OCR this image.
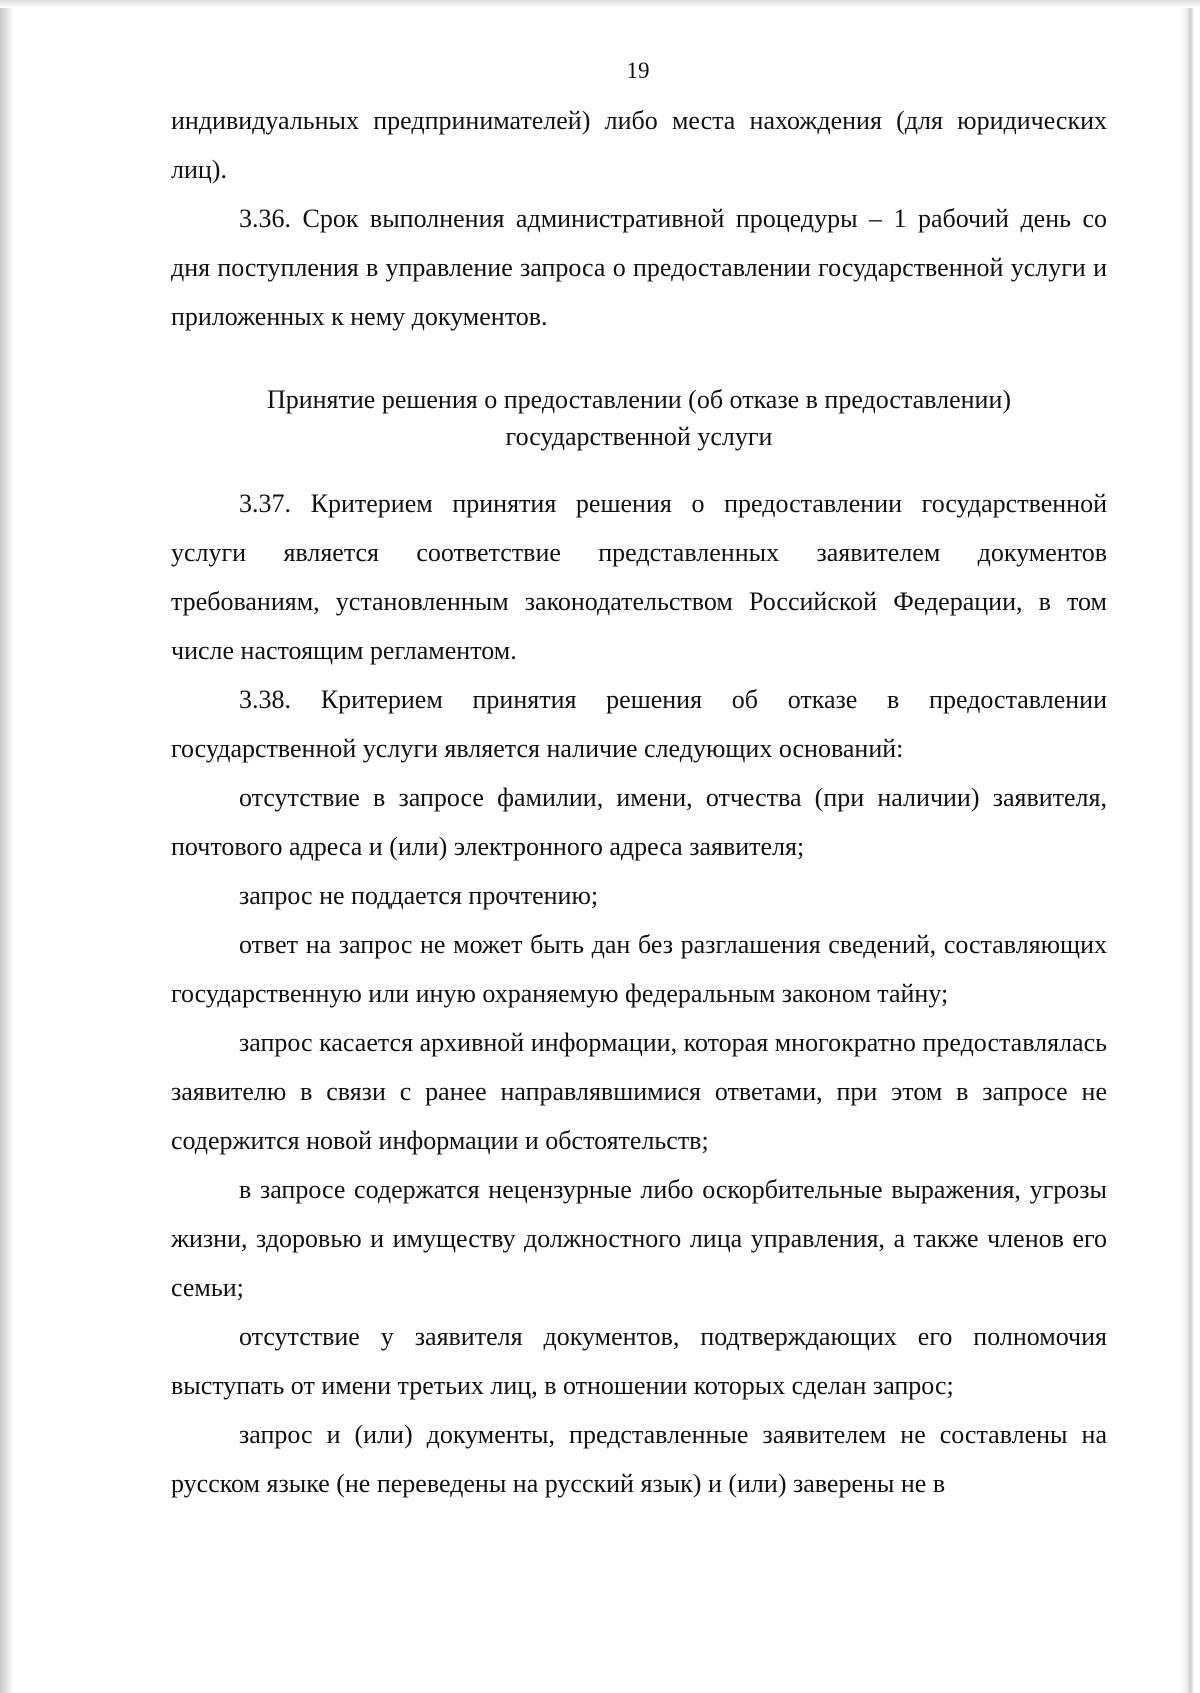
19

индивидуальных предпринимателей) либо места нахождения (для юридических лиц).

3.36. Срок выполнения административной процедуры – 1 рабочий день со дня поступления в управление запроса о предоставлении государственной услуги и приложенных к нему документов.

Принятие решения о предоставлении (об отказе в предоставлении)
государственной услуги

3.37. Критерием принятия решения о предоставлении государственной услуги является соответствие представленных заявителем документов требованиям, установленным законодательством Российской Федерации, в том числе настоящим регламентом.

3.38. Критерием принятия решения об отказе в предоставлении государственной услуги является наличие следующих оснований:

отсутствие в запросе фамилии, имени, отчества (при наличии) заявителя, почтового адреса и (или) электронного адреса заявителя;

запрос не поддается прочтению;

ответ на запрос не может быть дан без разглашения сведений, составляющих государственную или иную охраняемую федеральным законом тайну;

запрос касается архивной информации, которая многократно предоставлялась заявителю в связи с ранее направлявшимися ответами, при этом в запросе не содержится новой информации и обстоятельств;

в запросе содержатся нецензурные либо оскорбительные выражения, угрозы жизни, здоровью и имуществу должностного лица управления, а также членов его семьи;

отсутствие у заявителя документов, подтверждающих его полномочия выступать от имени третьих лиц, в отношении которых сделан запрос;

запрос и (или) документы, представленные заявителем не составлены на русском языке (не переведены на русский язык) и (или) заверены не в
